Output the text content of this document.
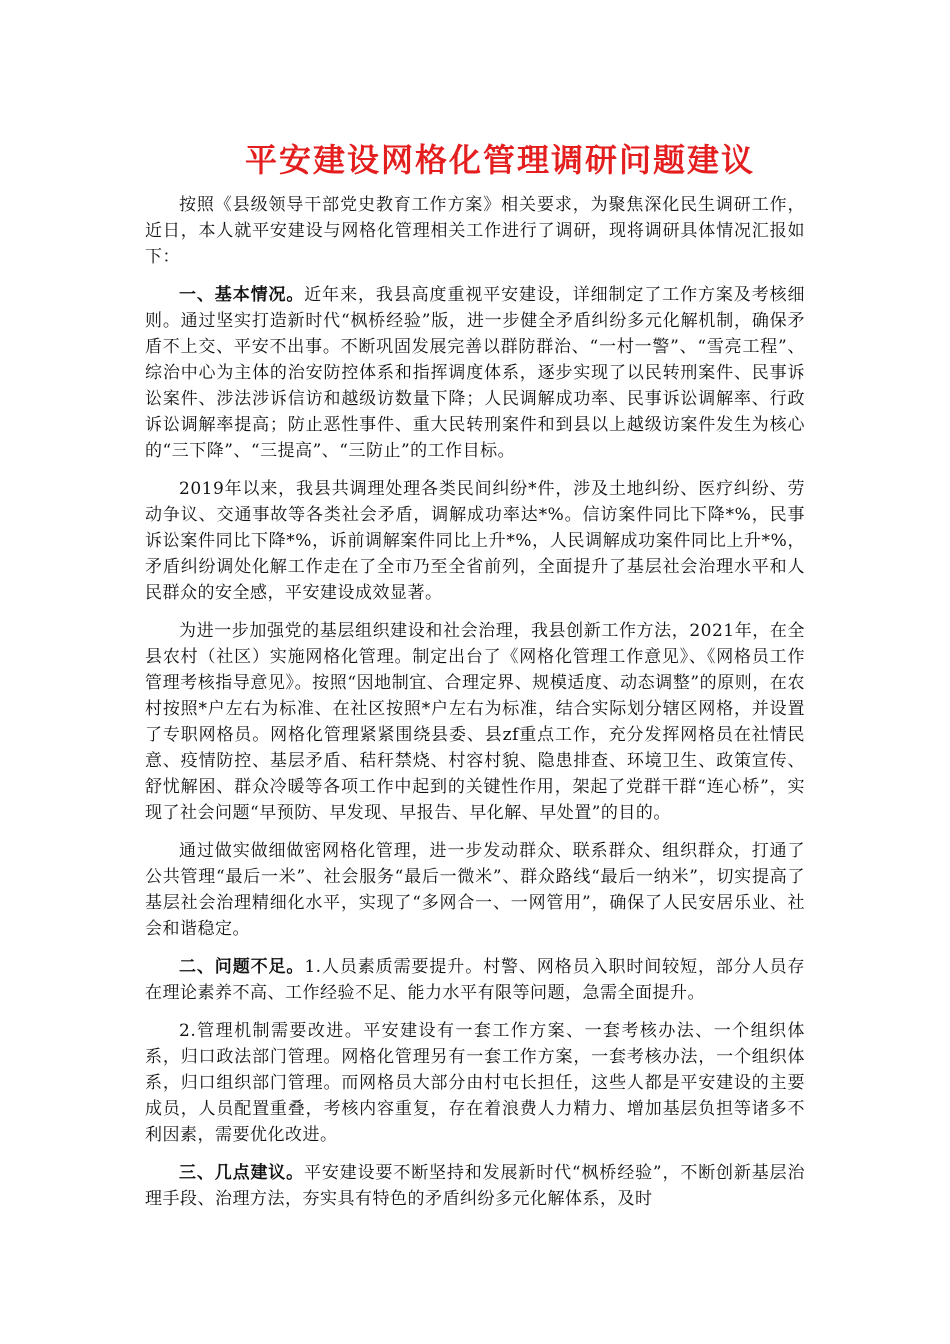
平安建设网格化管理调研问题建议

按照《县级领导干部党史教育工作方案》相关要求，为聚焦深化民生调研工作，近日，本人就平安建设与网格化管理相关工作进行了调研，现将调研具体情况汇报如下：

一、基本情况。近年来，我县高度重视平安建设，详细制定了工作方案及考核细则。通过坚实打造新时代“枫桥经验”版，进一步健全矛盾纠纷多元化解机制，确保矛盾不上交、平安不出事。不断巩固发展完善以群防群治、“一村一警”、“雪亮工程”、综治中心为主体的治安防控体系和指挥调度体系，逐步实现了以民转刑案件、民事诉讼案件、涉法涉诉信访和越级访数量下降；人民调解成功率、民事诉讼调解率、行政诉讼调解率提高；防止恶性事件、重大民转刑案件和到县以上越级访案件发生为核心的“三下降”、“三提高”、“三防止”的工作目标。

2019年以来，我县共调理处理各类民间纠纷*件，涉及土地纠纷、医疗纠纷、劳动争议、交通事故等各类社会矛盾，调解成功率达*%。信访案件同比下降*%，民事诉讼案件同比下降*%，诉前调解案件同比上升*%，人民调解成功案件同比上升*%，矛盾纠纷调处化解工作走在了全市乃至全省前列，全面提升了基层社会治理水平和人民群众的安全感，平安建设成效显著。

为进一步加强党的基层组织建设和社会治理，我县创新工作方法，2021年，在全县农村（社区）实施网格化管理。制定出台了《网格化管理工作意见》、《网格员工作管理考核指导意见》。按照“因地制宜、合理定界、规模适度、动态调整”的原则，在农村按照*户左右为标准、在社区按照*户左右为标准，结合实际划分辖区网格，并设置了专职网格员。网格化管理紧紧围绕县委、县zf重点工作，充分发挥网格员在社情民意、疫情防控、基层矛盾、秸秆禁烧、村容村貌、隐患排查、环境卫生、政策宣传、舒忧解困、群众冷暖等各项工作中起到的关键性作用，架起了党群干群“连心桥”，实现了社会问题“早预防、早发现、早报告、早化解、早处置”的目的。

通过做实做细做密网格化管理，进一步发动群众、联系群众、组织群众，打通了公共管理“最后一米”、社会服务“最后一微米”、群众路线“最后一纳米”，切实提高了基层社会治理精细化水平，实现了“多网合一、一网管用”，确保了人民安居乐业、社会和谐稳定。

二、问题不足。1.人员素质需要提升。村警、网格员入职时间较短，部分人员存在理论素养不高、工作经验不足、能力水平有限等问题，急需全面提升。

2.管理机制需要改进。平安建设有一套工作方案、一套考核办法、一个组织体系，归口政法部门管理。网格化管理另有一套工作方案，一套考核办法，一个组织体系，归口组织部门管理。而网格员大部分由村屯长担任，这些人都是平安建设的主要成员，人员配置重叠，考核内容重复，存在着浪费人力精力、增加基层负担等诸多不利因素，需要优化改进。

三、几点建议。平安建设要不断坚持和发展新时代“枫桥经验”，不断创新基层治理手段、治理方法，夯实具有特色的矛盾纠纷多元化解体系，及时
